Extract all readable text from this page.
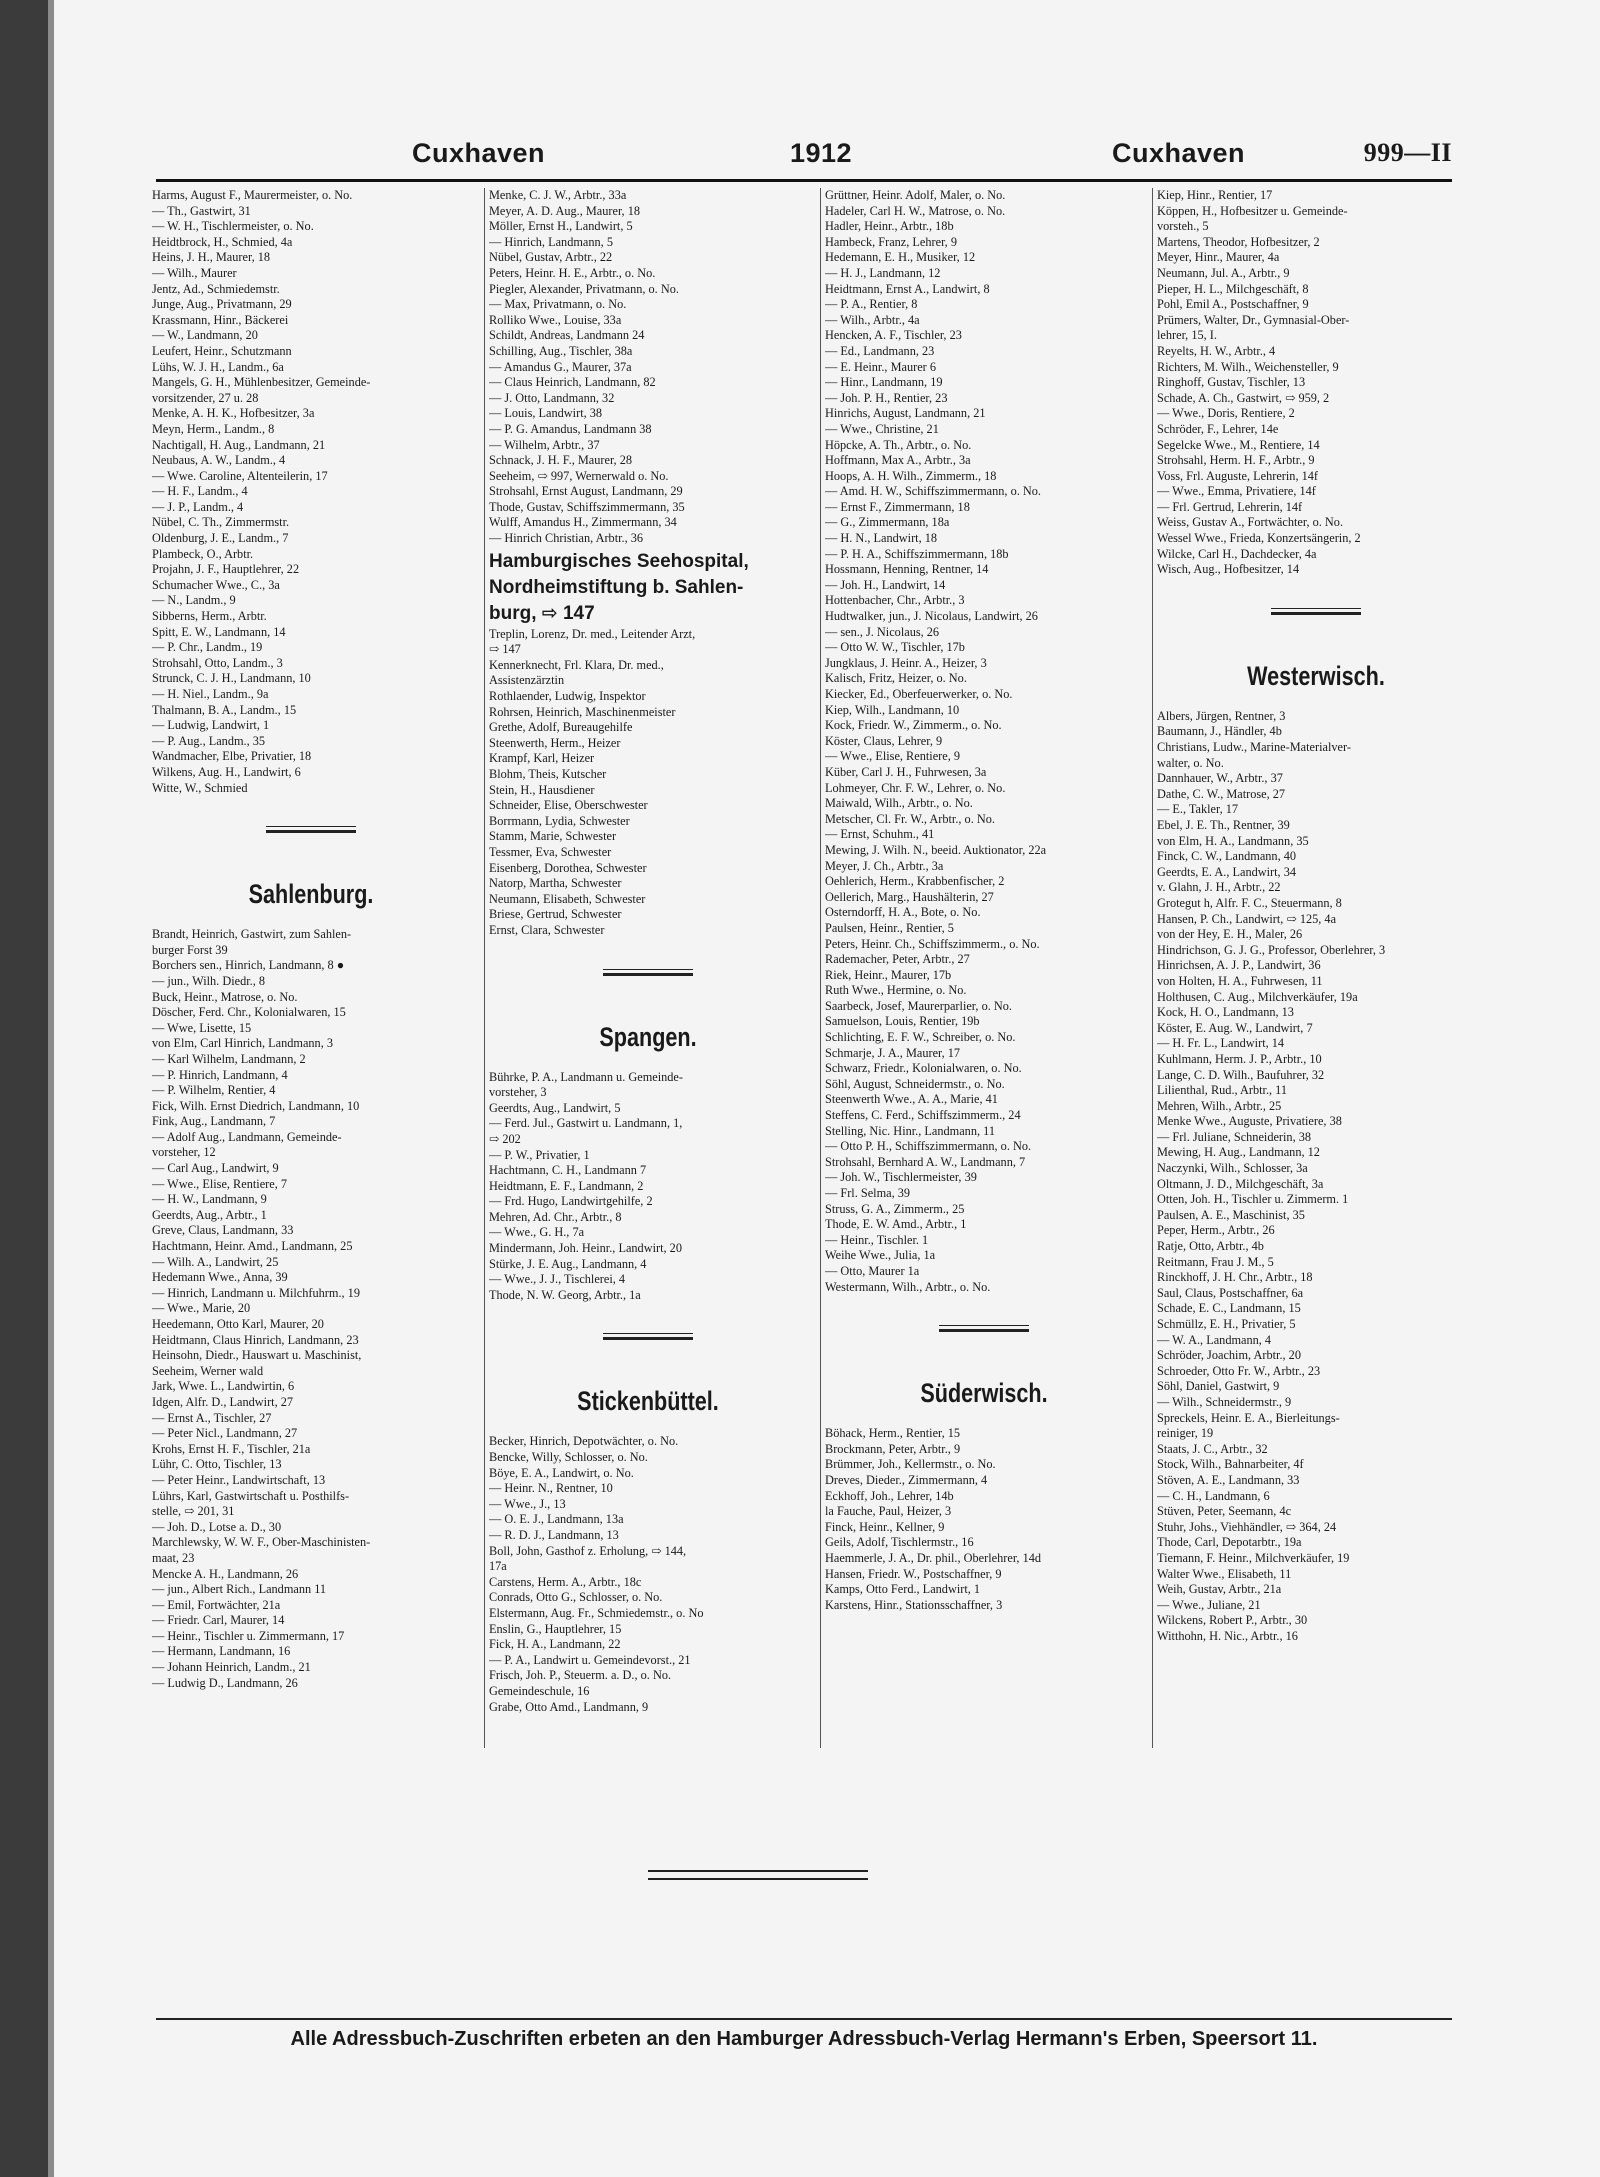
Cuxhaven	1912	Cuxhaven	999—II
Harms, August F., Maurermeister, o. No.
— Th., Gastwirt, 31
— W. H., Tischlermeister, o. No.
Heidtbrock, H., Schmied, 4a
Heins, J. H., Maurer, 18
— Wilh., Maurer
Jentz, Ad., Schmiedemstr.
Junge, Aug., Privatmann, 29
Krassmann, Hinr., Bäckerei
— W., Landmann, 20
Leufert, Heinr., Schutzmann
Lühs, W. J. H., Landm., 6a
Mangels, G. H., Mühlenbesitzer, Gemeinde-
vorsitzender, 27 u. 28
Menke, A. H. K., Hofbesitzer, 3a
Meyn, Herm., Landm., 8
Nachtigall, H. Aug., Landmann, 21
Neubaus, A. W., Landm., 4
— Wwe. Caroline, Altenteilerin, 17
— H. F., Landm., 4
— J. P., Landm., 4
Nübel, C. Th., Zimmermstr.
Oldenburg, J. E., Landm., 7
Plambeck, O., Arbtr.
Projahn, J. F., Hauptlehrer, 22
Schumacher Wwe., C., 3a
— N., Landm., 9
Sibberns, Herm., Arbtr.
Spitt, E. W., Landmann, 14
— P. Chr., Landm., 19
Strohsahl, Otto, Landm., 3
Strunck, C. J. H., Landmann, 10
— H. Niel., Landm., 9a
Thalmann, B. A., Landm., 15
— Ludwig, Landwirt, 1
— P. Aug., Landm., 35
Wandmacher, Elbe, Privatier, 18
Wilkens, Aug. H., Landwirt, 6
Witte, W., Schmied
Sahlenburg.
Brandt, Heinrich, Gastwirt, zum Sahlen-
burger Forst 39
Borchers sen., Hinrich, Landmann, 8 ●
— jun., Wilh. Diedr., 8
Buck, Heinr., Matrose, o. No.
Döscher, Ferd. Chr., Kolonialwaren, 15
— Wwe, Lisette, 15
von Elm, Carl Hinrich, Landmann, 3
— Karl Wilhelm, Landmann, 2
— P. Hinrich, Landmann, 4
— P. Wilhelm, Rentier, 4
Fick, Wilh. Ernst Diedrich, Landmann, 10
Fink, Aug., Landmann, 7
— Adolf Aug., Landmann, Gemeinde-
vorsteher, 12
— Carl Aug., Landwirt, 9
— Wwe., Elise, Rentiere, 7
— H. W., Landmann, 9
Geerdts, Aug., Arbtr., 1
Greve, Claus, Landmann, 33
Hachtmann, Heinr. Amd., Landmann, 25
— Wilh. A., Landwirt, 25
Hedemann Wwe., Anna, 39
— Hinrich, Landmann u. Milchfuhrm., 19
— Wwe., Marie, 20
Heedemann, Otto Karl, Maurer, 20
Heidtmann, Claus Hinrich, Landmann, 23
Heinsohn, Diedr., Hauswart u. Maschinist,
Seeheim, Werner wald
Jark, Wwe. L., Landwirtin, 6
Idgen, Alfr. D., Landwirt, 27
— Ernst A., Tischler, 27
— Peter Nicl., Landmann, 27
Krohs, Ernst H. F., Tischler, 21a
Lühr, C. Otto, Tischler, 13
— Peter Heinr., Landwirtschaft, 13
Lührs, Karl, Gastwirtschaft u. Posthilfs-
stelle, ⇨ 201, 31
— Joh. D., Lotse a. D., 30
Marchlewsky, W. W. F., Ober-Maschinisten-
maat, 23
Mencke A. H., Landmann, 26
— jun., Albert Rich., Landmann 11
— Emil, Fortwächter, 21a
— Friedr. Carl, Maurer, 14
— Heinr., Tischler u. Zimmermann, 17
— Hermann, Landmann, 16
— Johann Heinrich, Landm., 21
— Ludwig D., Landmann, 26
Menke, C. J. W., Arbtr., 33a
Meyer, A. D. Aug., Maurer, 18
Möller, Ernst H., Landwirt, 5
— Hinrich, Landmann, 5
Nübel, Gustav, Arbtr., 22
Peters, Heinr. H. E., Arbtr., o. No.
Piegler, Alexander, Privatmann, o. No.
— Max, Privatmann, o. No.
Rolliko Wwe., Louise, 33a
Schildt, Andreas, Landmann 24
Schilling, Aug., Tischler, 38a
— Amandus G., Maurer, 37a
— Claus Heinrich, Landmann, 82
— J. Otto, Landmann, 32
— Louis, Landwirt, 38
— P. G. Amandus, Landmann 38
— Wilhelm, Arbtr., 37
Schnack, J. H. F., Maurer, 28
Seeheim, ⇨ 997, Wernerwald o. No.
Strohsahl, Ernst August, Landmann, 29
Thode, Gustav, Schiffszimmermann, 35
Wulff, Amandus H., Zimmermann, 34
— Hinrich Christian, Arbtr., 36
Hamburgisches Seehospital,
Nordheimstiftung b. Sahlen-
burg, ⇨ 147
Treplin, Lorenz, Dr. med., Leitender Arzt,
⇨ 147
Kennerknecht, Frl. Klara, Dr. med.,
Assistenzärztin
Rothlaender, Ludwig, Inspektor
Rohrsen, Heinrich, Maschinenmeister
Grethe, Adolf, Bureaugehilfe
Steenwerth, Herm., Heizer
Krampf, Karl, Heizer
Blohm, Theis, Kutscher
Stein, H., Hausdiener
Schneider, Elise, Oberschwester
Borrmann, Lydia, Schwester
Stamm, Marie, Schwester
Tessmer, Eva, Schwester
Eisenberg, Dorothea, Schwester
Natorp, Martha, Schwester
Neumann, Elisabeth, Schwester
Briese, Gertrud, Schwester
Ernst, Clara, Schwester
Spangen.
Bührke, P. A., Landmann u. Gemeinde-
vorsteher, 3
Geerdts, Aug., Landwirt, 5
— Ferd. Jul., Gastwirt u. Landmann, 1,
⇨ 202
— P. W., Privatier, 1
Hachtmann, C. H., Landmann 7
Heidtmann, E. F., Landmann, 2
— Frd. Hugo, Landwirtgehilfe, 2
Mehren, Ad. Chr., Arbtr., 8
— Wwe., G. H., 7a
Mindermann, Joh. Heinr., Landwirt, 20
Stürke, J. E. Aug., Landmann, 4
— Wwe., J. J., Tischlerei, 4
Thode, N. W. Georg, Arbtr., 1a
Stickenbüttel.
Becker, Hinrich, Depotwächter, o. No.
Bencke, Willy, Schlosser, o. No.
Böye, E. A., Landwirt, o. No.
— Heinr. N., Rentner, 10
— Wwe., J., 13
— O. E. J., Landmann, 13a
— R. D. J., Landmann, 13
Boll, John, Gasthof z. Erholung, ⇨ 144,
17a
Carstens, Herm. A., Arbtr., 18c
Conrads, Otto G., Schlosser, o. No.
Elstermann, Aug. Fr., Schmiedemstr., o. No
Enslin, G., Hauptlehrer, 15
Fick, H. A., Landmann, 22
— P. A., Landwirt u. Gemeindevorst., 21
Frisch, Joh. P., Steuerm. a. D., o. No.
Gemeindeschule, 16
Grabe, Otto Amd., Landmann, 9
Grüttner, Heinr. Adolf, Maler, o. No.
Hadeler, Carl H. W., Matrose, o. No.
Hadler, Heinr., Arbtr., 18b
Hambeck, Franz, Lehrer, 9
Hedemann, E. H., Musiker, 12
— H. J., Landmann, 12
Heidtmann, Ernst A., Landwirt, 8
— P. A., Rentier, 8
— Wilh., Arbtr., 4a
Hencken, A. F., Tischler, 23
— Ed., Landmann, 23
— E. Heinr., Maurer 6
— Hinr., Landmann, 19
— Joh. P. H., Rentier, 23
Hinrichs, August, Landmann, 21
— Wwe., Christine, 21
Höpcke, A. Th., Arbtr., o. No.
Hoffmann, Max A., Arbtr., 3a
Hoops, A. H. Wilh., Zimmerm., 18
— Amd. H. W., Schiffszimmermann, o. No.
— Ernst F., Zimmermann, 18
— G., Zimmermann, 18a
— H. N., Landwirt, 18
— P. H. A., Schiffszimmermann, 18b
Hossmann, Henning, Rentner, 14
— Joh. H., Landwirt, 14
Hottenbacher, Chr., Arbtr., 3
Hudtwalker, jun., J. Nicolaus, Landwirt, 26
— sen., J. Nicolaus, 26
— Otto W. W., Tischler, 17b
Jungklaus, J. Heinr. A., Heizer, 3
Kalisch, Fritz, Heizer, o. No.
Kiecker, Ed., Oberfeuerwerker, o. No.
Kiep, Wilh., Landmann, 10
Kock, Friedr. W., Zimmerm., o. No.
Köster, Claus, Lehrer, 9
— Wwe., Elise, Rentiere, 9
Küber, Carl J. H., Fuhrwesen, 3a
Lohmeyer, Chr. F. W., Lehrer, o. No.
Maiwald, Wilh., Arbtr., o. No.
Metscher, Cl. Fr. W., Arbtr., o. No.
— Ernst, Schuhm., 41
Mewing, J. Wilh. N., beeid. Auktionator, 22a
Meyer, J. Ch., Arbtr., 3a
Oehlerich, Herm., Krabbenfischer, 2
Oellerich, Marg., Haushälterin, 27
Osterndorff, H. A., Bote, o. No.
Paulsen, Heinr., Rentier, 5
Peters, Heinr. Ch., Schiffszimmerm., o. No.
Rademacher, Peter, Arbtr., 27
Riek, Heinr., Maurer, 17b
Ruth Wwe., Hermine, o. No.
Saarbeck, Josef, Maurerparlier, o. No.
Samuelson, Louis, Rentier, 19b
Schlichting, E. F. W., Schreiber, o. No.
Schmarje, J. A., Maurer, 17
Schwarz, Friedr., Kolonialwaren, o. No.
Söhl, August, Schneidermstr., o. No.
Steenwerth Wwe., A. A., Marie, 41
Steffens, C. Ferd., Schiffszimmerm., 24
Stelling, Nic. Hinr., Landmann, 11
— Otto P. H., Schiffszimmermann, o. No.
Strohsahl, Bernhard A. W., Landmann, 7
— Joh. W., Tischlermeister, 39
— Frl. Selma, 39
Struss, G. A., Zimmerm., 25
Thode, E. W. Amd., Arbtr., 1
— Heinr., Tischler. 1
Weihe Wwe., Julia, 1a
— Otto, Maurer 1a
Westermann, Wilh., Arbtr., o. No.
Süderwisch.
Böhack, Herm., Rentier, 15
Brockmann, Peter, Arbtr., 9
Brümmer, Joh., Kellermstr., o. No.
Dreves, Dieder., Zimmermann, 4
Eckhoff, Joh., Lehrer, 14b
la Fauche, Paul, Heizer, 3
Finck, Heinr., Kellner, 9
Geils, Adolf, Tischlermstr., 16
Haemmerle, J. A., Dr. phil., Oberlehrer, 14d
Hansen, Friedr. W., Postschaffner, 9
Kamps, Otto Ferd., Landwirt, 1
Karstens, Hinr., Stationsschaffner, 3
Kiep, Hinr., Rentier, 17
Köppen, H., Hofbesitzer u. Gemeinde-
vorsteh., 5
Martens, Theodor, Hofbesitzer, 2
Meyer, Hinr., Maurer, 4a
Neumann, Jul. A., Arbtr., 9
Pieper, H. L., Milchgeschäft, 8
Pohl, Emil A., Postschaffner, 9
Prümers, Walter, Dr., Gymnasial-Ober-
lehrer, 15, I.
Reyelts, H. W., Arbtr., 4
Richters, M. Wilh., Weichensteller, 9
Ringhoff, Gustav, Tischler, 13
Schade, A. Ch., Gastwirt, ⇨ 959, 2
— Wwe., Doris, Rentiere, 2
Schröder, F., Lehrer, 14e
Segelcke Wwe., M., Rentiere, 14
Strohsahl, Herm. H. F., Arbtr., 9
Voss, Frl. Auguste, Lehrerin, 14f
— Wwe., Emma, Privatiere, 14f
— Frl. Gertrud, Lehrerin, 14f
Weiss, Gustav A., Fortwächter, o. No.
Wessel Wwe., Frieda, Konzertsängerin, 2
Wilcke, Carl H., Dachdecker, 4a
Wisch, Aug., Hofbesitzer, 14
Westerwisch.
Albers, Jürgen, Rentner, 3
Baumann, J., Händler, 4b
Christians, Ludw., Marine-Materialver-
walter, o. No.
Dannhauer, W., Arbtr., 37
Dathe, C. W., Matrose, 27
— E., Takler, 17
Ebel, J. E. Th., Rentner, 39
von Elm, H. A., Landmann, 35
Finck, C. W., Landmann, 40
Geerdts, E. A., Landwirt, 34
v. Glahn, J. H., Arbtr., 22
Grotegut h, Alfr. F. C., Steuermann, 8
Hansen, P. Ch., Landwirt, ⇨ 125, 4a
von der Hey, E. H., Maler, 26
Hindrichson, G. J. G., Professor, Oberlehrer, 3
Hinrichsen, A. J. P., Landwirt, 36
von Holten, H. A., Fuhrwesen, 11
Holthusen, C. Aug., Milchverkäufer, 19a
Kock, H. O., Landmann, 13
Köster, E. Aug. W., Landwirt, 7
— H. Fr. L., Landwirt, 14
Kuhlmann, Herm. J. P., Arbtr., 10
Lange, C. D. Wilh., Baufuhrer, 32
Lilienthal, Rud., Arbtr., 11
Mehren, Wilh., Arbtr., 25
Menke Wwe., Auguste, Privatiere, 38
— Frl. Juliane, Schneiderin, 38
Mewing, H. Aug., Landmann, 12
Naczynki, Wilh., Schlosser, 3a
Oltmann, J. D., Milchgeschäft, 3a
Otten, Joh. H., Tischler u. Zimmerm. 1
Paulsen, A. E., Maschinist, 35
Peper, Herm., Arbtr., 26
Ratje, Otto, Arbtr., 4b
Reitmann, Frau J. M., 5
Rinckhoff, J. H. Chr., Arbtr., 18
Saul, Claus, Postschaffner, 6a
Schade, E. C., Landmann, 15
Schmüllz, E. H., Privatier, 5
— W. A., Landmann, 4
Schröder, Joachim, Arbtr., 20
Schroeder, Otto Fr. W., Arbtr., 23
Söhl, Daniel, Gastwirt, 9
— Wilh., Schneidermstr., 9
Spreckels, Heinr. E. A., Bierleitungs-
reiniger, 19
Staats, J. C., Arbtr., 32
Stock, Wilh., Bahnarbeiter, 4f
Stöven, A. E., Landmann, 33
— C. H., Landmann, 6
Stüven, Peter, Seemann, 4c
Stuhr, Johs., Viehhändler, ⇨ 364, 24
Thode, Carl, Depotarbtr., 19a
Tiemann, F. Heinr., Milchverkäufer, 19
Walter Wwe., Elisabeth, 11
Weih, Gustav, Arbtr., 21a
— Wwe., Juliane, 21
Wilckens, Robert P., Arbtr., 30
Witthohn, H. Nic., Arbtr., 16
Alle Adressbuch-Zuschriften erbeten an den Hamburger Adressbuch-Verlag Hermann's Erben, Speersort 11.
